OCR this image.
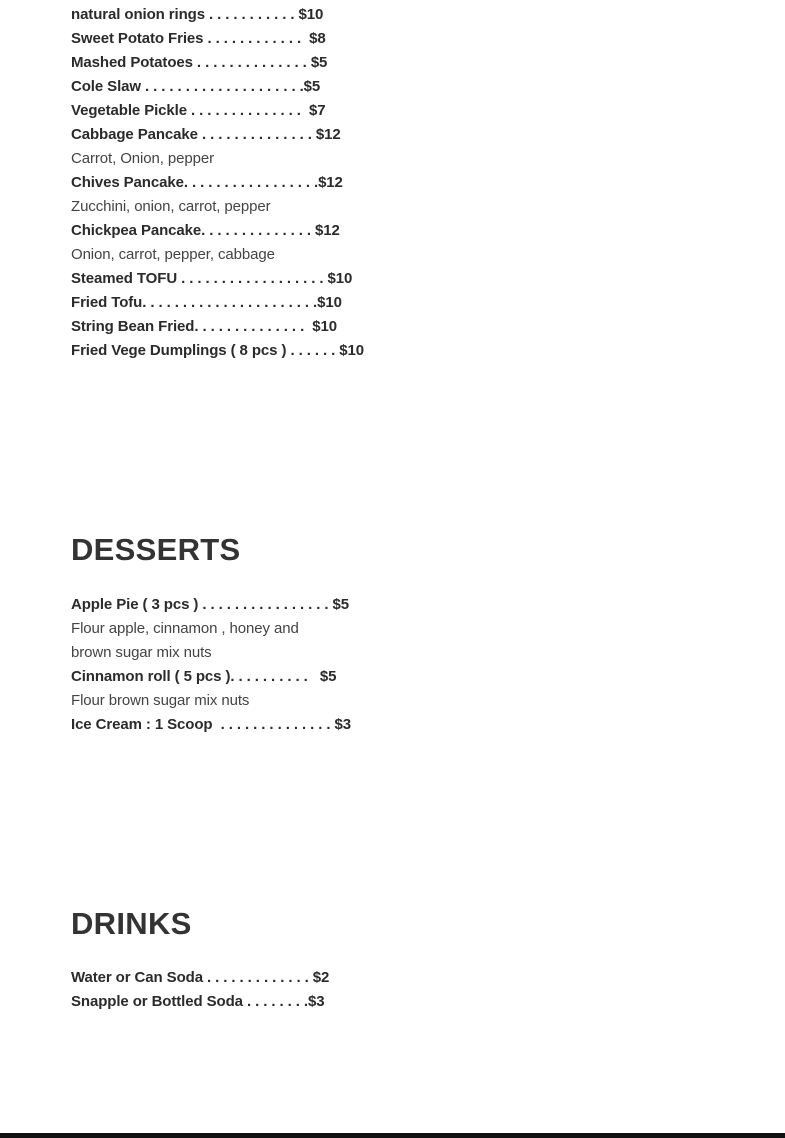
natural onion rings . . . . . . . . . . . $10
Sweet Potato Fries . . . . . . . . . . . .  $8
Mashed Potatoes . . . . . . . . . . . . . . $5
Cole Slaw . . . . . . . . . . . . . . . . . . . .$5
Vegetable Pickle . . . . . . . . . . . . . .  $7
Cabbage Pancake . . . . . . . . . . . . . . $12
Carrot, Onion, pepper
Chives Pancake. . . . . . . . . . . . . . . . .$12
Zucchini, onion, carrot, pepper
Chickpea Pancake. . . . . . . . . . . . . . $12
Onion, carrot, pepper, cabbage
Steamed TOFU . . . . . . . . . . . . . . . . . . $10
Fried Tofu. . . . . . . . . . . . . . . . . . . . . .$10
String Bean Fried. . . . . . . . . . . . . .  $10
Fried Vege Dumplings ( 8 pcs ) . . . . . . $10
DESSERTS
Apple Pie ( 3 pcs ) . . . . . . . . . . . . . . . . $5
Flour apple, cinnamon , honey and
brown sugar mix nuts
Cinnamon roll ( 5 pcs ). . . . . . . . . .   $5
Flour brown sugar mix nuts
Ice Cream : 1 Scoop  . . . . . . . . . . . . . . $3
DRINKS
Water or Can Soda . . . . . . . . . . . . . $2
Snapple or Bottled Soda . . . . . . . .$3
